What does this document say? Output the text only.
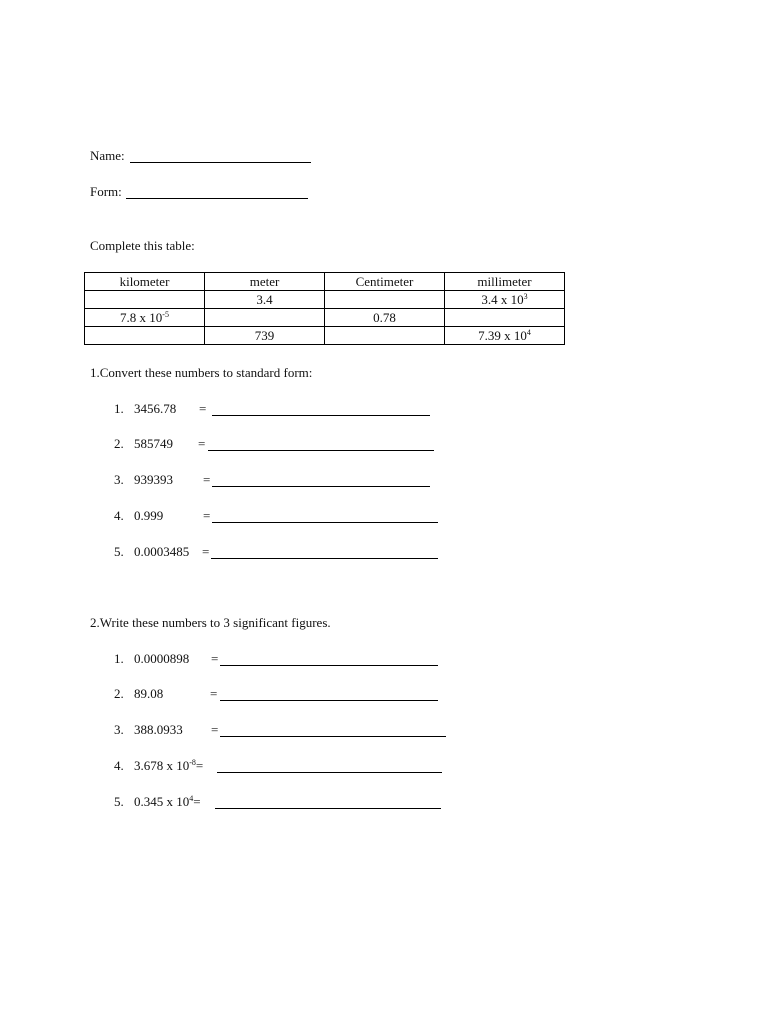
Name:
Form:
Complete this table:
kilometer	meter	Centimeter	millimeter
	3.4		3.4 x $10^3$
7.8 x $10^{-5}$		0.78	
	739		7.39 x $10^4$
1.Convert these numbers to standard form:
1. 3456.78 =
2. 585749 =
3. 939393 =
4. 0.999	=
5. 0.0003485 =
2.Write these numbers to 3 significant figures.
1. 0.0000898 =
2. 89.08	=
3. 388.0933 =
4. 3.678 x $10^{-8}=$
5. 0.345 x $10^4=$
